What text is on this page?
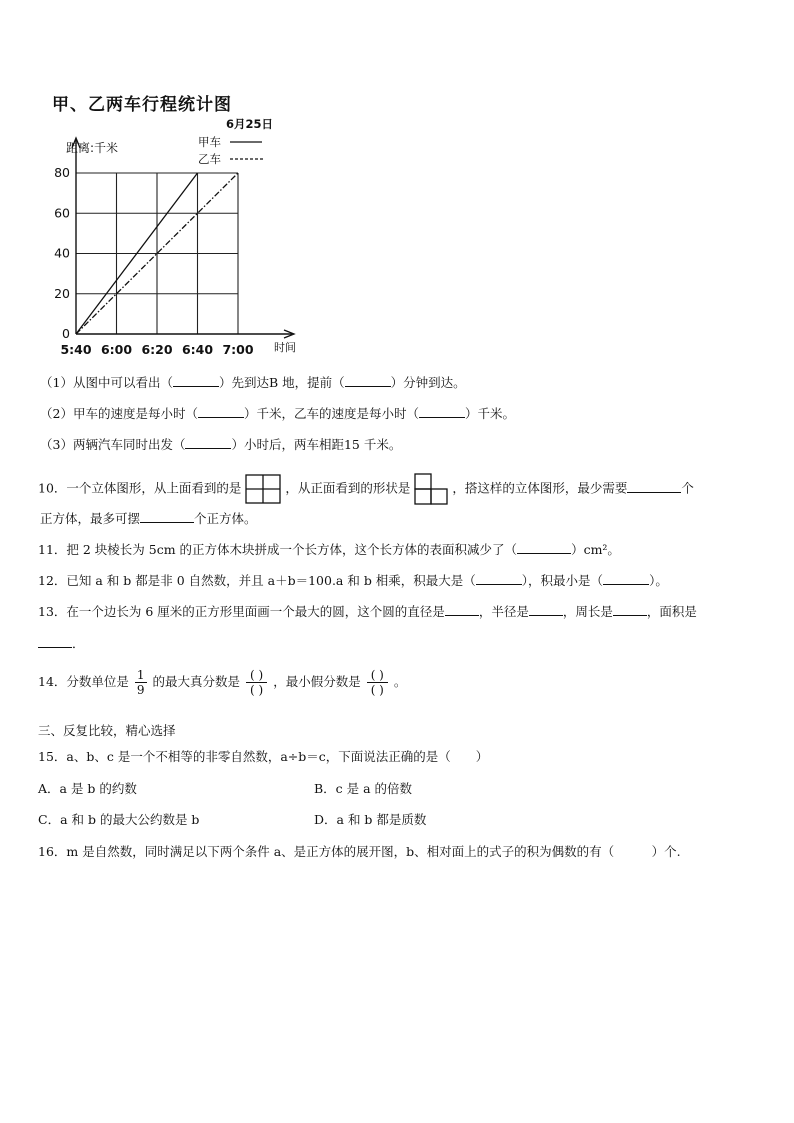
甲、乙两车行程统计图
5:40 6:00 6:20 6:40 7:00
0
20
40
60
80
距离:千米
时间
6月25日
甲车
乙车
（1）从图中可以看出（	）先到达B 地，提前（	）分钟到达。
（2）甲车的速度是每小时（	）千米，乙车的速度是每小时（	）千米。
（3）两辆汽车同时出发（	）小时后，两车相距15 千米。
10．一个立体图形，从上面看到的是	，从正面看到的形状是	，搭这样的立体图形，最少需要	个
正方体，最多可摆	个正方体。
11．把 2 块棱长为 5cm 的正方体木块拼成一个长方体，这个长方体的表面积减少了（	）cm²。
12．已知 a 和 b 都是非 0 自然数，并且 a＋b＝100.a 和 b 相乘，积最大是（	），积最小是（	）。
13．在一个边长为 6 厘米的正方形里面画一个最大的圆，这个圆的直径是	，半径是	，周长是	，面积是
．
14．分数单位是 $\frac{1}{9}$ 的最大真分数是 $\frac{( )}{( )}$ ，最小假分数是 $\frac{( )}{( )}$ 。
三、反复比较，精心选择
15．a、b、c 是一个不相等的非零自然数，a÷b＝c，下面说法正确的是（　　）
A．a 是 b 的约数	B．c 是 a 的倍数
C．a 和 b 的最大公约数是 b	D．a 和 b 都是质数
16．m 是自然数，同时满足以下两个条件 a、是正方体的展开图，b、相对面上的式子的积为偶数的有（　　　）个.
